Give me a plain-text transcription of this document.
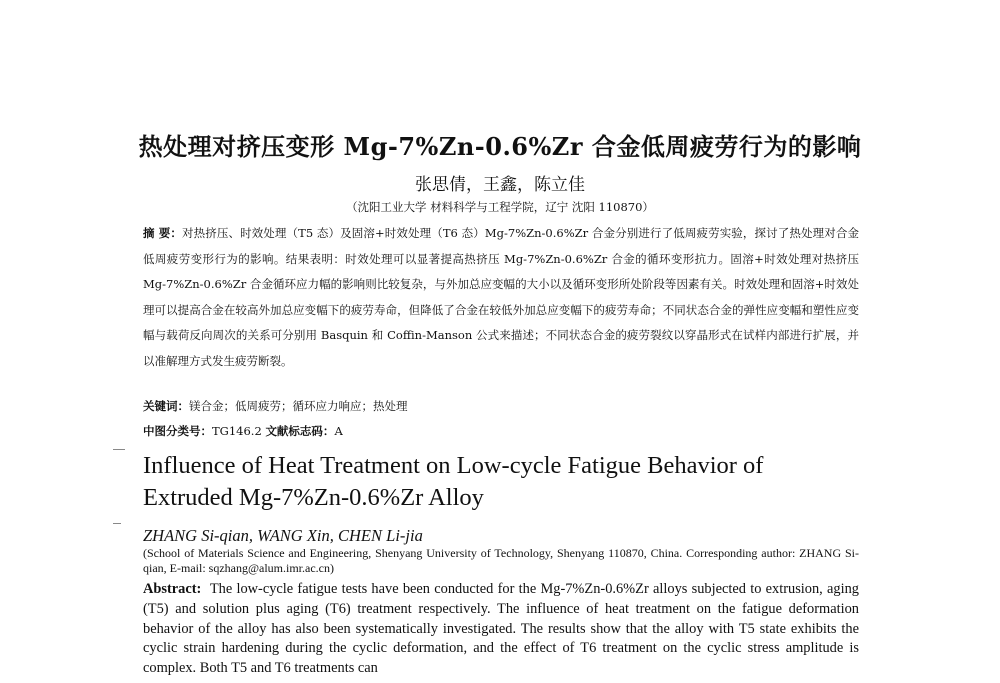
热处理对挤压变形 Mg-7%Zn-0.6%Zr 合金低周疲劳行为的影响
张思倩，王鑫，陈立佳
（沈阳工业大学 材料科学与工程学院，辽宁 沈阳 110870）
摘 要：对热挤压、时效处理（T5 态）及固溶+时效处理（T6 态）Mg-7%Zn-0.6%Zr 合金分别进行了低周疲劳实验，探讨了热处理对合金低周疲劳变形行为的影响。结果表明：时效处理可以显著提高热挤压 Mg-7%Zn-0.6%Zr 合金的循环变形抗力。固溶+时效处理对热挤压 Mg-7%Zn-0.6%Zr 合金循环应力幅的影响则比较复杂，与外加总应变幅的大小以及循环变形所处阶段等因素有关。时效处理和固溶+时效处理可以提高合金在较高外加总应变幅下的疲劳寿命，但降低了合金在较低外加总应变幅下的疲劳寿命；不同状态合金的弹性应变幅和塑性应变幅与载荷反向周次的关系可分别用 Basquin 和 Coffin-Manson 公式来描述；不同状态合金的疲劳裂纹以穿晶形式在试样内部进行扩展，并以准解理方式发生疲劳断裂。
关键词：镁合金；低周疲劳；循环应力响应；热处理
中图分类号：TG146.2 文献标志码：A
Influence of Heat Treatment on Low-cycle Fatigue Behavior of Extruded Mg-7%Zn-0.6%Zr Alloy
ZHANG Si-qian, WANG Xin, CHEN Li-jia
(School of Materials Science and Engineering, Shenyang University of Technology, Shenyang 110870, China. Corresponding author: ZHANG Si-qian, E-mail: sqzhang@alum.imr.ac.cn)
Abstract: The low-cycle fatigue tests have been conducted for the Mg-7%Zn-0.6%Zr alloys subjected to extrusion, aging (T5) and solution plus aging (T6) treatment respectively. The influence of heat treatment on the fatigue deformation behavior of the alloy has also been systematically investigated. The results show that the alloy with T5 state exhibits the cyclic strain hardening during the cyclic deformation, and the effect of T6 treatment on the cyclic stress amplitude is complex. Both T5 and T6 treatments can
